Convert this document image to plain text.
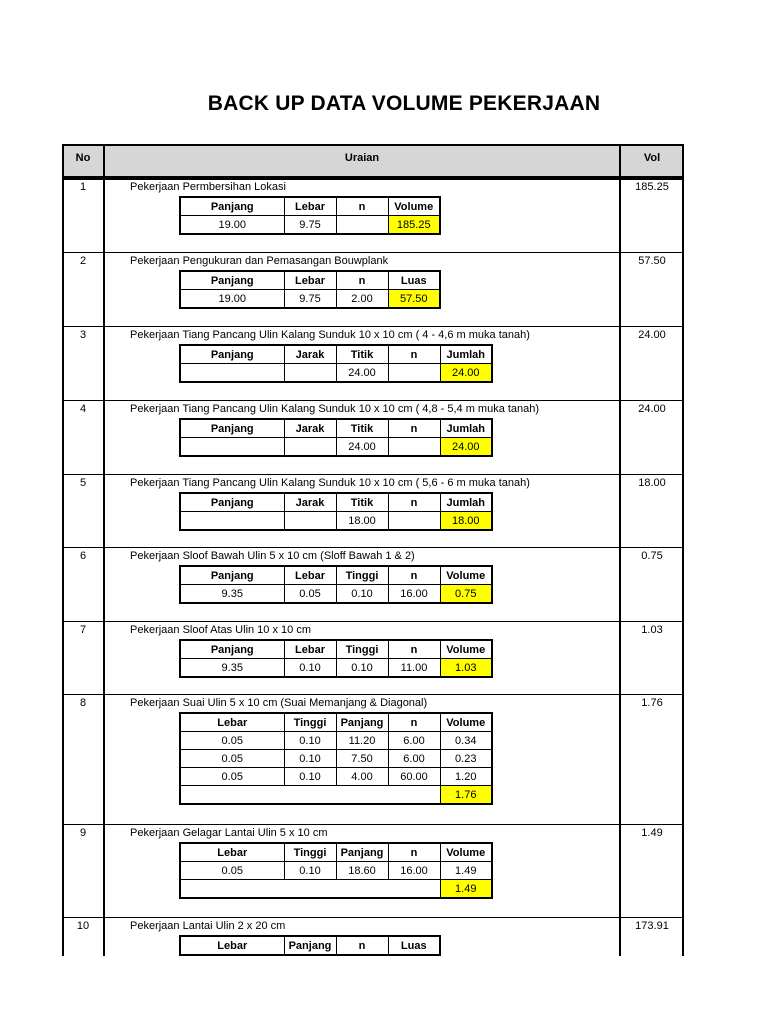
BACK UP DATA VOLUME PEKERJAAN
No	Uraian	Vol
1	Pekerjaan Permbersihan Lokasi	185.25
Panjang	Lebar	n	Volume
19.00	9.75		185.25
2	Pekerjaan Pengukuran dan Pemasangan Bouwplank	57.50
Panjang	Lebar	n	Luas
19.00	9.75	2.00	57.50
3	Pekerjaan Tiang Pancang Ulin Kalang Sunduk 10 x 10 cm ( 4 - 4,6 m muka tanah)	24.00
Panjang	Jarak	Titik	n	Jumlah
		24.00		24.00
4	Pekerjaan Tiang Pancang Ulin Kalang Sunduk 10 x 10 cm ( 4,8 - 5,4 m muka tanah)	24.00
Panjang	Jarak	Titik	n	Jumlah
		24.00		24.00
5	Pekerjaan Tiang Pancang Ulin Kalang Sunduk 10 x 10 cm ( 5,6 - 6 m muka tanah)	18.00
Panjang	Jarak	Titik	n	Jumlah
		18.00		18.00
6	Pekerjaan Sloof Bawah Ulin 5 x 10 cm (Sloff Bawah 1 & 2)	0.75
Panjang	Lebar	Tinggi	n	Volume
9.35	0.05	0.10	16.00	0.75
7	Pekerjaan Sloof Atas Ulin 10 x 10 cm	1.03
Panjang	Lebar	Tinggi	n	Volume
9.35	0.10	0.10	11.00	1.03
8	Pekerjaan Suai Ulin 5 x 10 cm (Suai Memanjang & Diagonal)	1.76
Lebar	Tinggi	Panjang	n	Volume
0.05	0.10	11.20	6.00	0.34
0.05	0.10	7.50	6.00	0.23
0.05	0.10	4.00	60.00	1.20
				1.76
9	Pekerjaan Gelagar Lantai Ulin 5 x 10 cm	1.49
Lebar	Tinggi	Panjang	n	Volume
0.05	0.10	18.60	16.00	1.49
				1.49
10	Pekerjaan Lantai Ulin 2 x 20 cm	173.91
Lebar	Panjang	n	Luas
